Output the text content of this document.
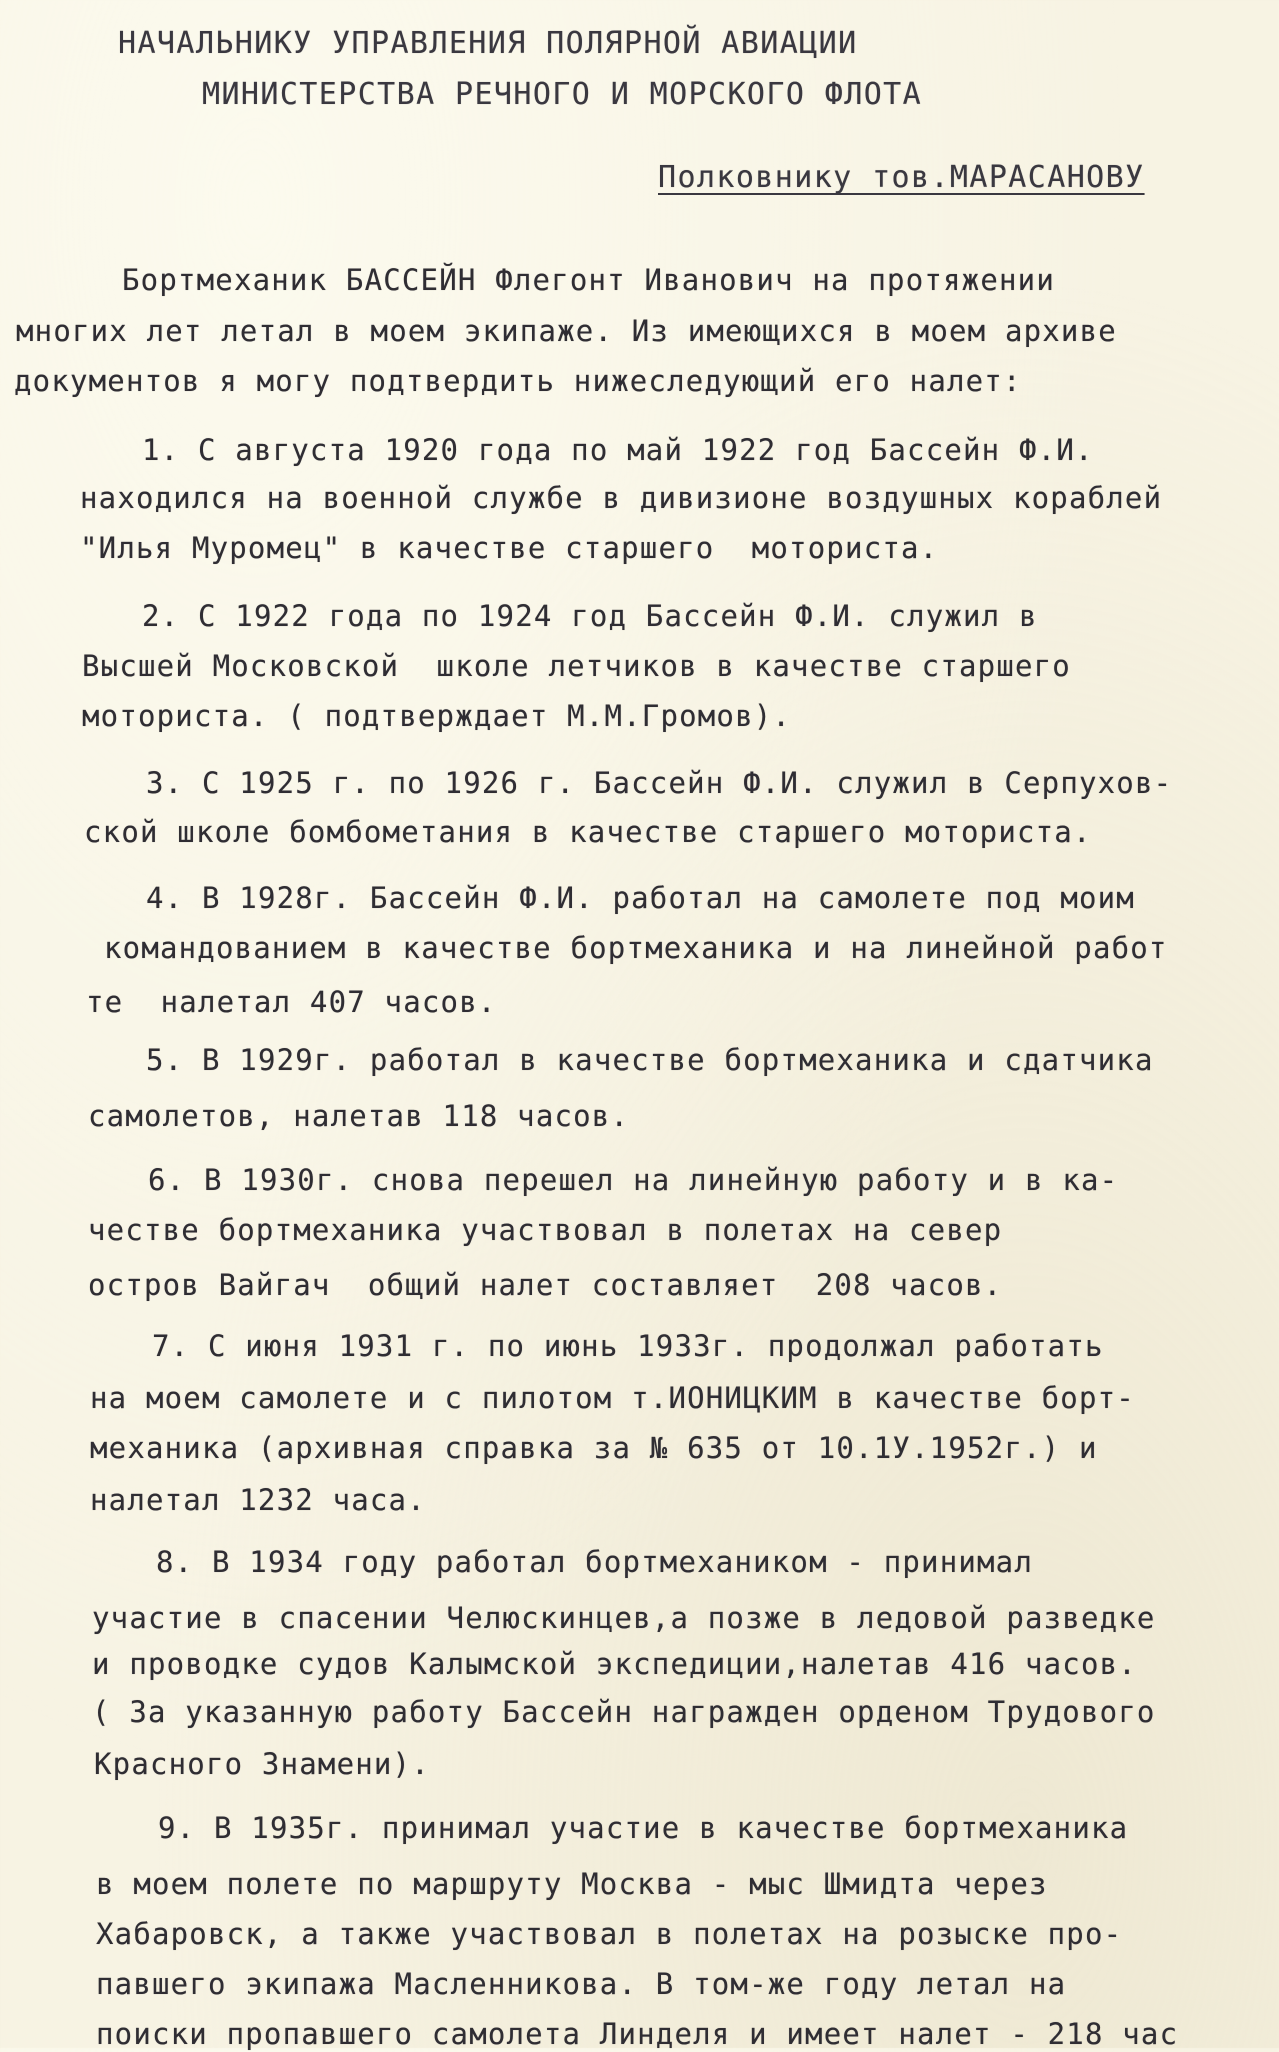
НАЧАЛЬНИКУ УПРАВЛЕНИЯ ПОЛЯРНОЙ АВИАЦИИ
МИНИСТЕРСТВА РЕЧНОГО И МОРСКОГО ФЛОТА
Полковнику тов.МАРАСАНОВУ
Бортмеханик БАССЕЙН Флегонт Иванович на протяжении
многих лет летал в моем экипаже. Из имеющихся в моем архиве
документов я могу подтвердить нижеследующий его налет:
1. С августа 1920 года по май 1922 год Бассейн Ф.И.
находился на военной службе в дивизионе воздушных кораблей
"Илья Муромец" в качестве старшего  моториста.
2. С 1922 года по 1924 год Бассейн Ф.И. служил в
Высшей Московской  школе летчиков в качестве старшего
моториста. ( подтверждает М.М.Громов).
3. С 1925 г. по 1926 г. Бассейн Ф.И. служил в Серпухов-
ской школе бомбометания в качестве старшего моториста.
4. В 1928г. Бассейн Ф.И. работал на самолете под моим
командованием в качестве бортмеханика и на линейной работ
те  налетал 407 часов.
5. В 1929г. работал в качестве бортмеханика и сдатчика
самолетов, налетав 118 часов.
6. В 1930г. снова перешел на линейную работу и в ка-
честве бортмеханика участвовал в полетах на север
остров Вайгач  общий налет составляет  208 часов.
7. С июня 1931 г. по июнь 1933г. продолжал работать
на моем самолете и с пилотом т.ИОНИЦКИМ в качестве борт-
механика (архивная справка за № 635 от 10.1У.1952г.) и
налетал 1232 часа.
8. В 1934 году работал бортмехаником - принимал
участие в спасении Челюскинцев,а позже в ледовой разведке
и проводке судов Калымской экспедиции,налетав 416 часов.
( За указанную работу Бассейн награжден орденом Трудового
Красного Знамени).
9. В 1935г. принимал участие в качестве бортмеханика
в моем полете по маршруту Москва - мыс Шмидта через
Хабаровск, а также участвовал в полетах на розыске про-
павшего экипажа Масленникова. В том-же году летал на
поиски пропавшего самолета Линделя и имеет налет - 218 час
